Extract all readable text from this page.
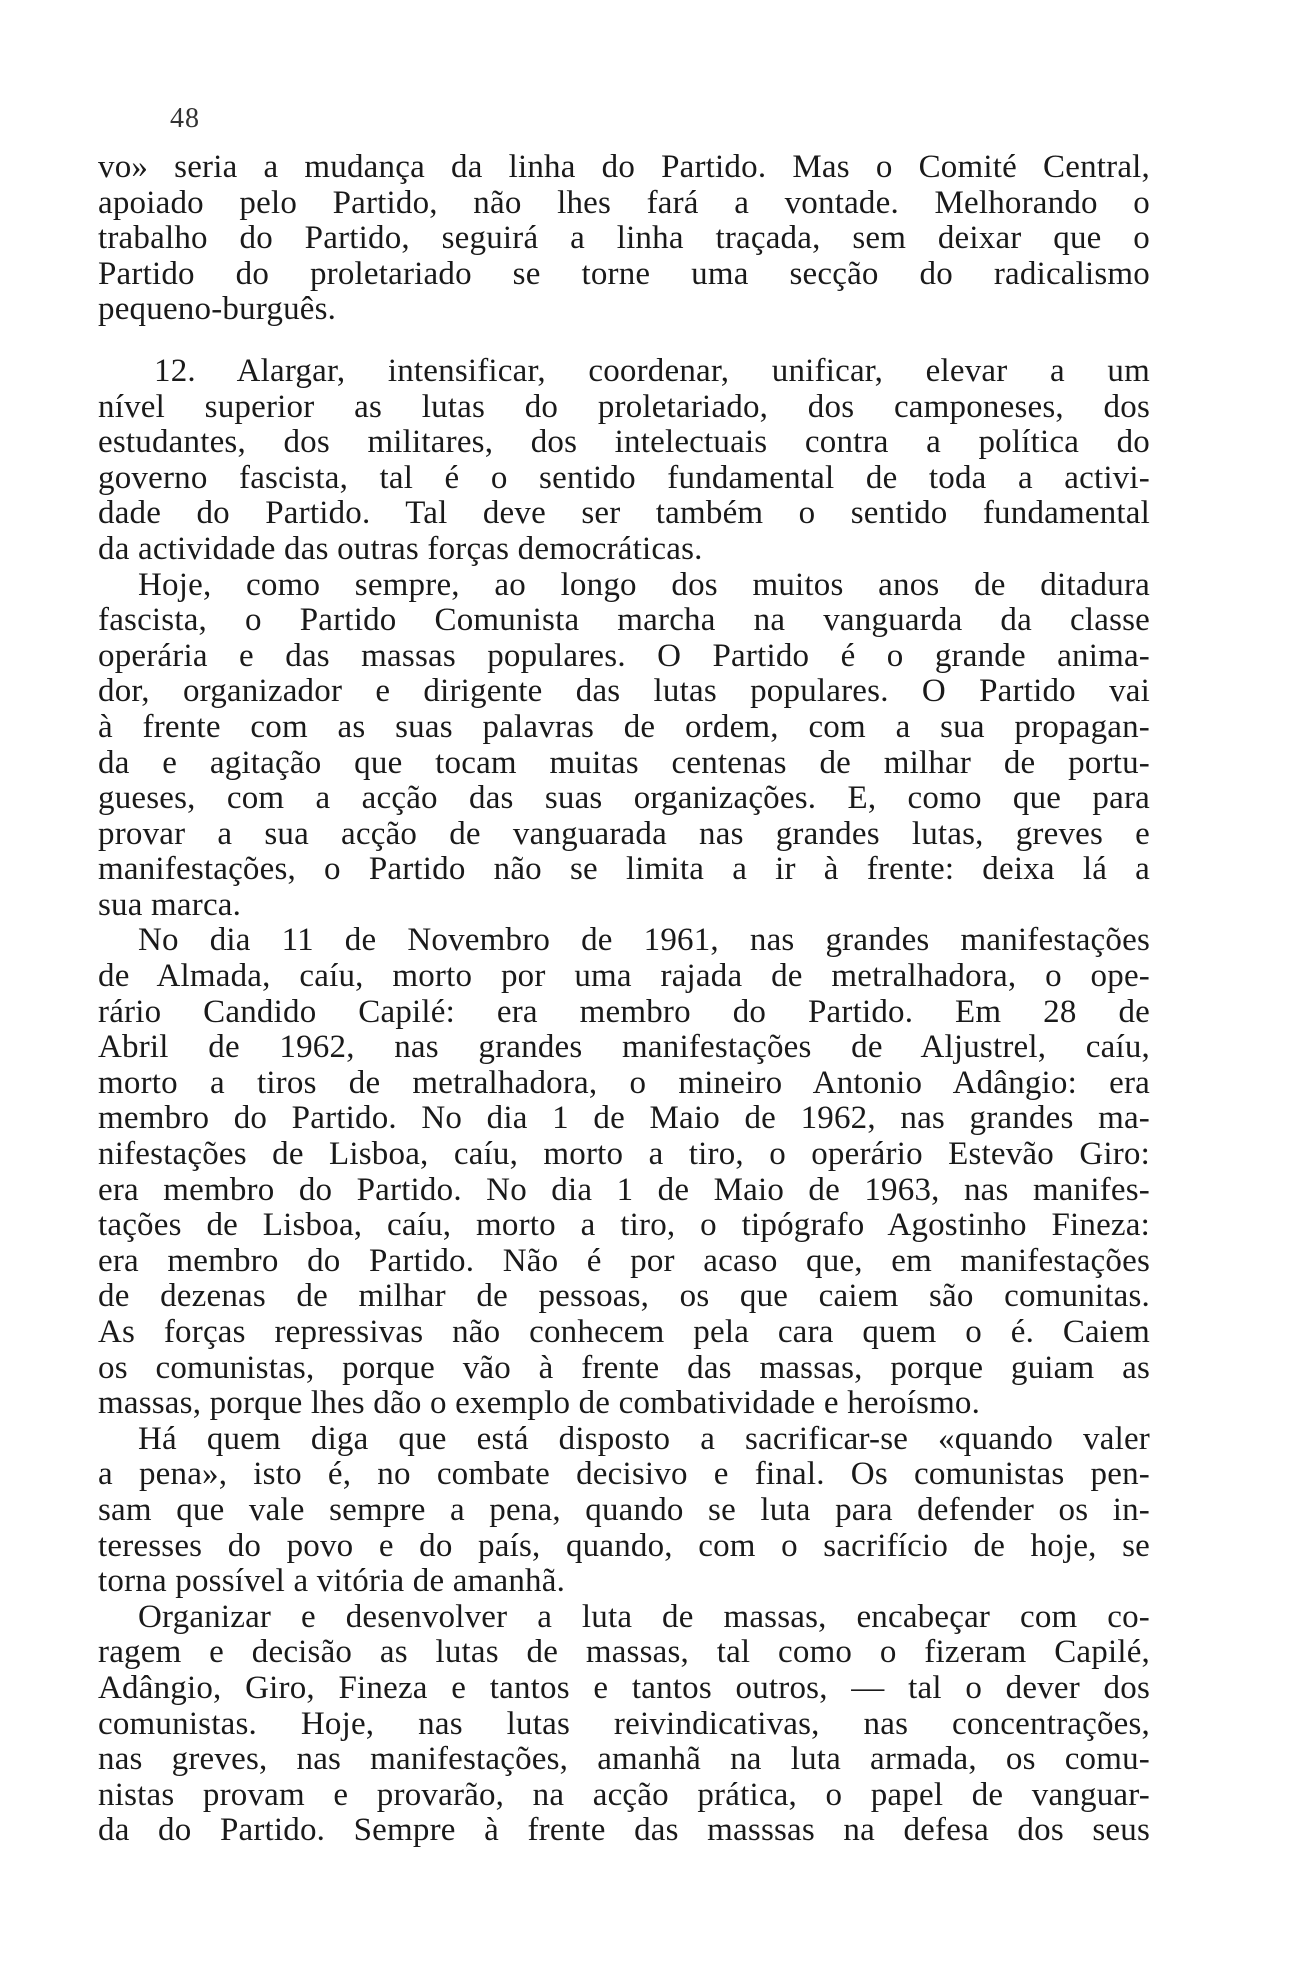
48
vo» seria a mudança da linha do Partido. Mas o Comité Central,
apoiado pelo Partido, não lhes fará a vontade. Melhorando o
trabalho do Partido, seguirá a linha traçada, sem deixar que o
Partido do proletariado se torne uma secção do radicalismo
pequeno-burguês.
12. Alargar, intensificar, coordenar, unificar, elevar a um
nível superior as lutas do proletariado, dos camponeses, dos
estudantes, dos militares, dos intelectuais contra a política do
governo fascista, tal é o sentido fundamental de toda a activi-
dade do Partido. Tal deve ser também o sentido fundamental
da actividade das outras forças democráticas.
Hoje, como sempre, ao longo dos muitos anos de ditadura
fascista, o Partido Comunista marcha na vanguarda da classe
operária e das massas populares. O Partido é o grande anima-
dor, organizador e dirigente das lutas populares. O Partido vai
à frente com as suas palavras de ordem, com a sua propagan-
da e agitação que tocam muitas centenas de milhar de portu-
gueses, com a acção das suas organizações. E, como que para
provar a sua acção de vanguarada nas grandes lutas, greves e
manifestações, o Partido não se limita a ir à frente: deixa lá a
sua marca.
No dia 11 de Novembro de 1961, nas grandes manifestações
de Almada, caíu, morto por uma rajada de metralhadora, o ope-
rário Candido Capilé: era membro do Partido. Em 28 de
Abril de 1962, nas grandes manifestações de Aljustrel, caíu,
morto a tiros de metralhadora, o mineiro Antonio Adângio: era
membro do Partido. No dia 1 de Maio de 1962, nas grandes ma-
nifestações de Lisboa, caíu, morto a tiro, o operário Estevão Giro:
era membro do Partido. No dia 1 de Maio de 1963, nas manifes-
tações de Lisboa, caíu, morto a tiro, o tipógrafo Agostinho Fineza:
era membro do Partido. Não é por acaso que, em manifestações
de dezenas de milhar de pessoas, os que caiem são comunitas.
As forças repressivas não conhecem pela cara quem o é. Caiem
os comunistas, porque vão à frente das massas, porque guiam as
massas, porque lhes dão o exemplo de combatividade e heroísmo.
Há quem diga que está disposto a sacrificar-se «quando valer
a pena», isto é, no combate decisivo e final. Os comunistas pen-
sam que vale sempre a pena, quando se luta para defender os in-
teresses do povo e do país, quando, com o sacrifício de hoje, se
torna possível a vitória de amanhã.
Organizar e desenvolver a luta de massas, encabeçar com co-
ragem e decisão as lutas de massas, tal como o fizeram Capilé,
Adângio, Giro, Fineza e tantos e tantos outros, — tal o dever dos
comunistas. Hoje, nas lutas reivindicativas, nas concentrações,
nas greves, nas manifestações, amanhã na luta armada, os comu-
nistas provam e provarão, na acção prática, o papel de vanguar-
da do Partido. Sempre à frente das masssas na defesa dos seus
